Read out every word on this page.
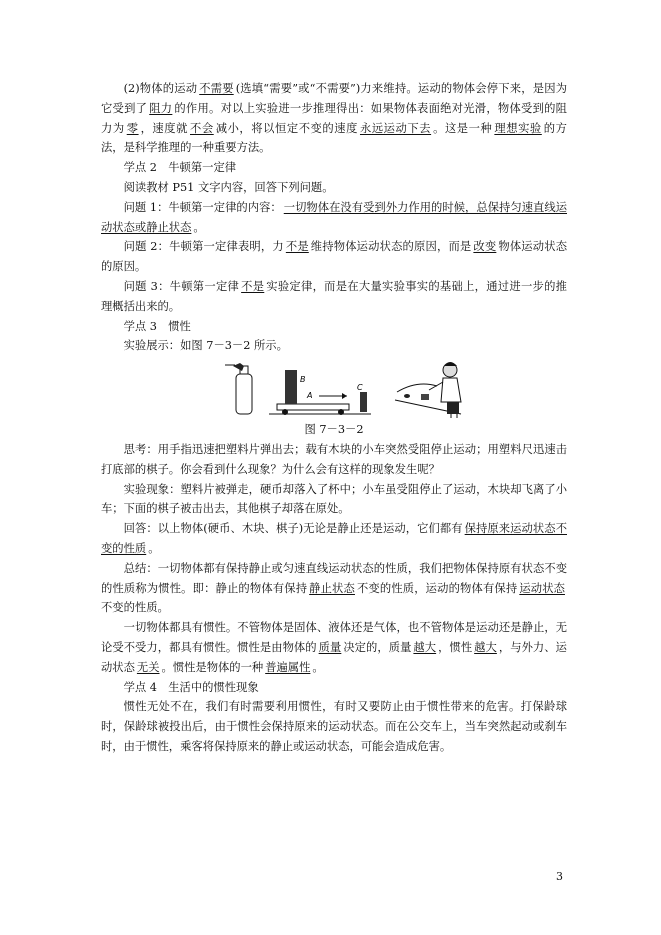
(2)物体的运动 不需要 (选填“需要”或“不需要”)力来维持。运动的物体会停下来，是因为它受到了 阻力 的作用。对以上实验进一步推理得出：如果物体表面绝对光滑，物体受到的阻力为 零 ，速度就 不会 减小，将以恒定不变的速度 永远运动下去 。这是一种 理想实验 的方法，是科学推理的一种重要方法。

学点 2　牛顿第一定律

阅读教材 P51 文字内容，回答下列问题。

问题 1：牛顿第一定律的内容： 一切物体在没有受到外力作用的时候，总保持匀速直线运动状态或静止状态 。

问题 2：牛顿第一定律表明，力 不是 维持物体运动状态的原因，而是 改变 物体运动状态的原因。

问题 3：牛顿第一定律 不是 实验定律，而是在大量实验事实的基础上，通过进一步的推理概括出来的。

学点 3　惯性

实验展示：如图 7－3－2 所示。

B
A
C

图 7－3－2

思考：用手指迅速把塑料片弹出去；载有木块的小车突然受阻停止运动；用塑料尺迅速击打底部的棋子。你会看到什么现象？为什么会有这样的现象发生呢？

实验现象：塑料片被弹走，硬币却落入了杯中；小车虽受阻停止了运动，木块却飞离了小车；下面的棋子被击出去，其他棋子却落在原处。

回答：以上物体(硬币、木块、棋子)无论是静止还是运动，它们都有 保持原来运动状态不变的性质 。

总结：一切物体都有保持静止或匀速直线运动状态的性质，我们把物体保持原有状态不变的性质称为惯性。即：静止的物体有保持 静止状态 不变的性质，运动的物体有保持 运动状态不变的性质。

一切物体都具有惯性。不管物体是固体、液体还是气体，也不管物体是运动还是静止，无论受不受力，都具有惯性。惯性是由物体的 质量 决定的，质量 越大 ，惯性 越大 ，与外力、运动状态 无关 。惯性是物体的一种 普遍属性 。

学点 4　生活中的惯性现象

惯性无处不在，我们有时需要利用惯性，有时又要防止由于惯性带来的危害。打保龄球时，保龄球被投出后，由于惯性会保持原来的运动状态。而在公交车上，当车突然起动或刹车时，由于惯性，乘客将保持原来的静止或运动状态，可能会造成危害。

3
